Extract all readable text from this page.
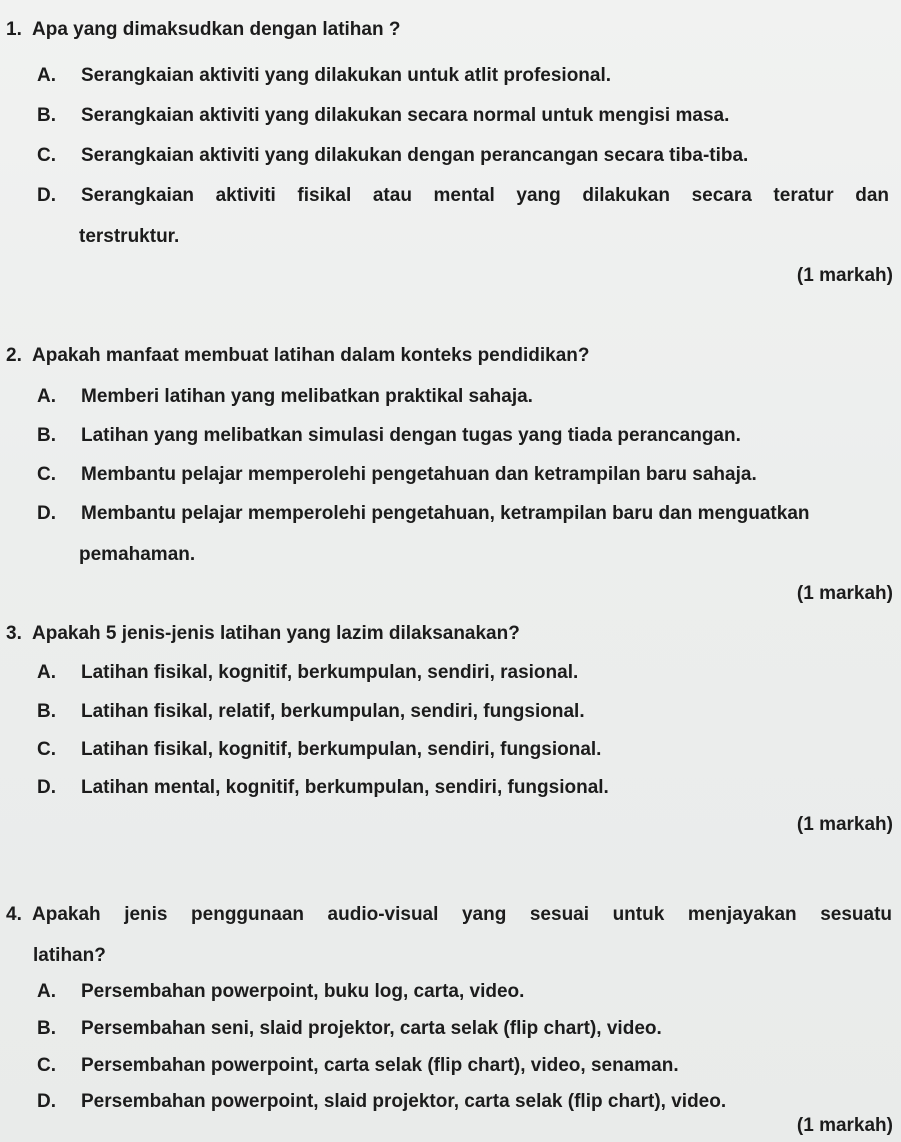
1. Apa yang dimaksudkan dengan latihan ?
A. Serangkaian aktiviti yang dilakukan untuk atlit profesional.
B. Serangkaian aktiviti yang dilakukan secara normal untuk mengisi masa.
C. Serangkaian aktiviti yang dilakukan dengan perancangan secara tiba-tiba.
D. Serangkaian aktiviti fisikal atau mental yang dilakukan secara teratur dan
terstruktur.
(1 markah)
2. Apakah manfaat membuat latihan dalam konteks pendidikan?
A. Memberi latihan yang melibatkan praktikal sahaja.
B. Latihan yang melibatkan simulasi dengan tugas yang tiada perancangan.
C. Membantu pelajar memperolehi pengetahuan dan ketrampilan baru sahaja.
D. Membantu pelajar memperolehi pengetahuan, ketrampilan baru dan menguatkan
pemahaman.
(1 markah)
3. Apakah 5 jenis-jenis latihan yang lazim dilaksanakan?
A. Latihan fisikal, kognitif, berkumpulan, sendiri, rasional.
B. Latihan fisikal, relatif, berkumpulan, sendiri, fungsional.
C. Latihan fisikal, kognitif, berkumpulan, sendiri, fungsional.
D. Latihan mental, kognitif, berkumpulan, sendiri, fungsional.
(1 markah)
4. Apakah jenis penggunaan audio-visual yang sesuai untuk menjayakan sesuatu
latihan?
A. Persembahan powerpoint, buku log, carta, video.
B. Persembahan seni, slaid projektor, carta selak (flip chart), video.
C. Persembahan powerpoint, carta selak (flip chart), video, senaman.
D. Persembahan powerpoint, slaid projektor, carta selak (flip chart), video.
(1 markah)
